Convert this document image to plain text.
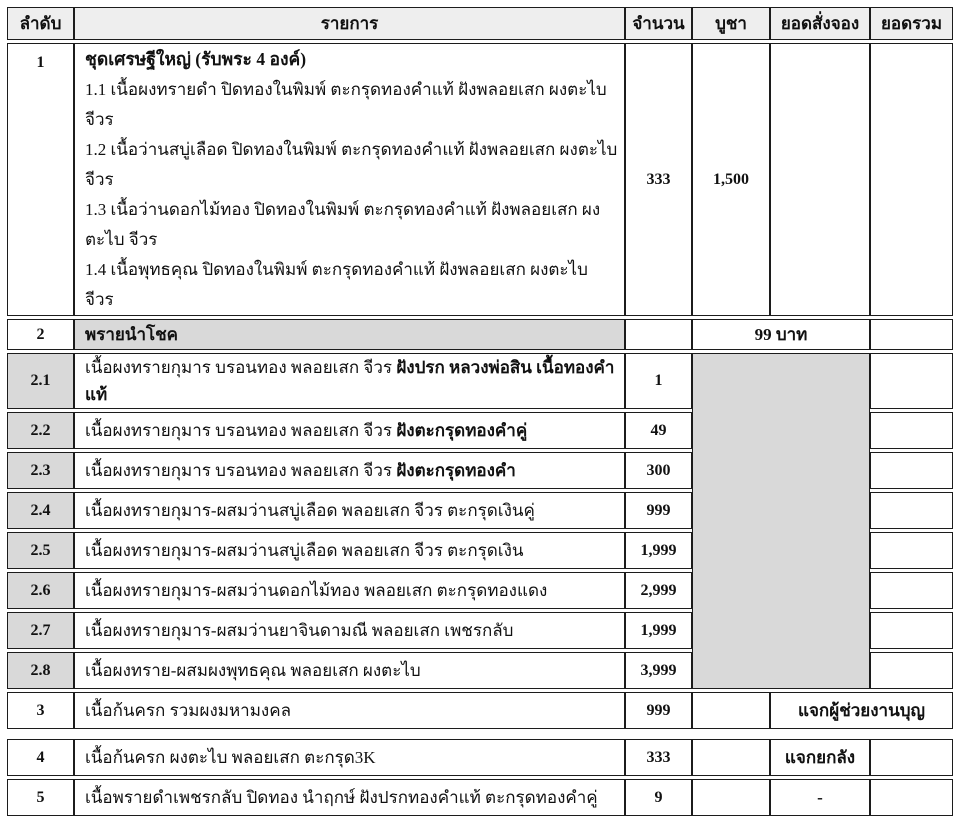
ลำดับ	รายการ	จำนวน	บูชา	ยอดสั่งจอง	ยอดรวม
1	ชุดเศรษฐีใหญ่ (รับพระ 4 องค์)
1.1 เนื้อผงทรายดำ ปิดทองในพิมพ์ ตะกรุดทองคำแท้ ฝังพลอยเสก ผงตะไบ จีวร
1.2 เนื้อว่านสบู่เลือด ปิดทองในพิมพ์ ตะกรุดทองคำแท้ ฝังพลอยเสก ผงตะไบ จีวร
1.3 เนื้อว่านดอกไม้ทอง ปิดทองในพิมพ์ ตะกรุดทองคำแท้ ฝังพลอยเสก ผงตะไบ จีวร
1.4 เนื้อพุทธคุณ ปิดทองในพิมพ์ ตะกรุดทองคำแท้ ฝังพลอยเสก ผงตะไบ จีวร	333	1,500		
2	พรายนำโชค		99 บาท		
2.1	เนื้อผงทรายกุมาร บรอนทอง พลอยเสก จีวร ฝังปรก หลวงพ่อสิน เนื้อทองคำแท้	1			
2.2	เนื้อผงทรายกุมาร บรอนทอง พลอยเสก จีวร ฝังตะกรุดทองคำคู่	49			
2.3	เนื้อผงทรายกุมาร บรอนทอง พลอยเสก จีวร ฝังตะกรุดทองคำ	300			
2.4	เนื้อผงทรายกุมาร-ผสมว่านสบู่เลือด พลอยเสก จีวร ตะกรุดเงินคู่	999			
2.5	เนื้อผงทรายกุมาร-ผสมว่านสบู่เลือด พลอยเสก จีวร ตะกรุดเงิน	1,999			
2.6	เนื้อผงทรายกุมาร-ผสมว่านดอกไม้ทอง พลอยเสก ตะกรุดทองแดง	2,999			
2.7	เนื้อผงทรายกุมาร-ผสมว่านยาจินดามณี พลอยเสก เพชรกลับ	1,999			
2.8	เนื้อผงทราย-ผสมผงพุทธคุณ พลอยเสก ผงตะไบ	3,999			
3	เนื้อก้นครก รวมผงมหามงคล	999		แจกผู้ช่วยงานบุญ	

4	เนื้อก้นครก ผงตะไบ พลอยเสก ตะกรุด3K	333		แจกยกลัง	
5	เนื้อพรายดำเพชรกลับ ปิดทอง นำฤกษ์ ฝังปรกทองคำแท้ ตะกรุดทองคำคู่	9		-	
